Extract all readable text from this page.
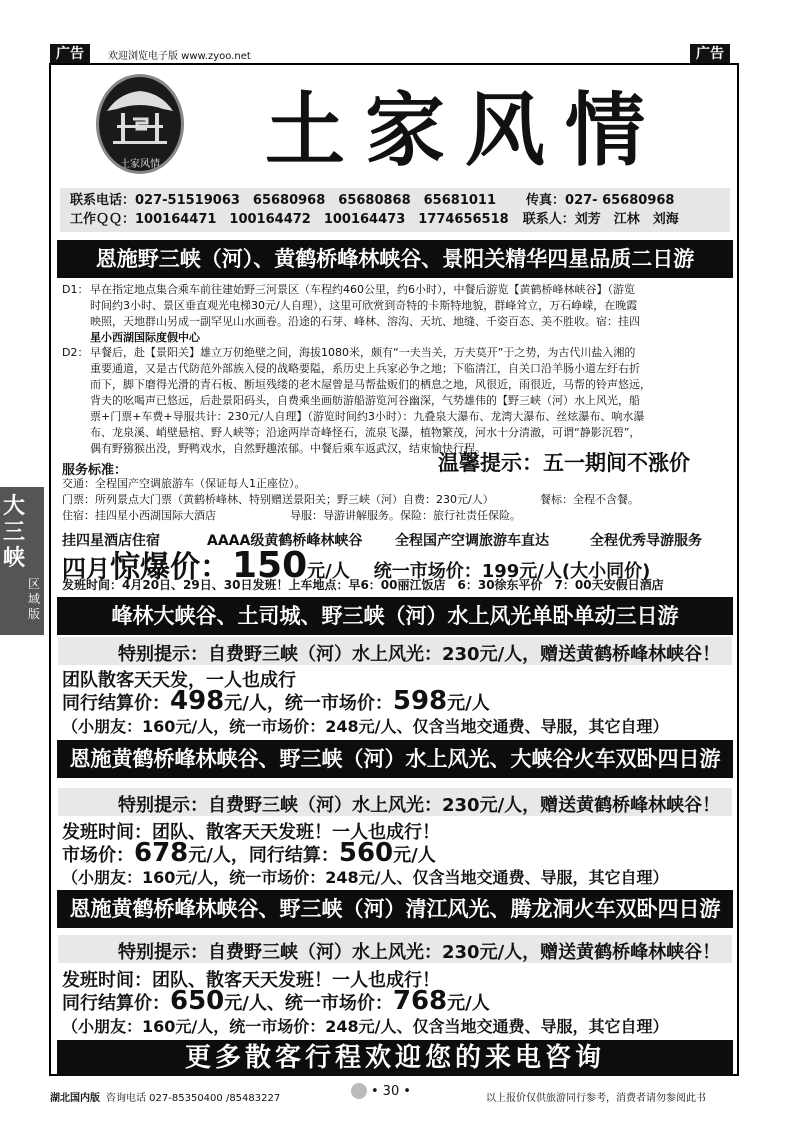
广告	欢迎浏览电子版 www.zyoo.net	广告
土家风情	土家风情
联系电话： 027-51519063　65680968　65680868　65681011 传真： 027- 65680968
工作ＱＱ： 100164471　100164472　100164473　1774656518 联系人： 刘芳　江林　刘海
恩施野三峡（河）、黄鹤桥峰林峡谷、景阳关精华四星品质二日游
D1： 早在指定地点集合乘车前往建始野三河景区（车程约460公里，约6小时），中餐后游览【黄鹤桥峰林峡谷】（游览
时间约3小时、景区垂直观光电梯30元/人自理），这里可欣赏到奇特的卡斯特地貌，群峰耸立，万石峥嵘，在晚霞
映照，天地群山另成一副罕见山水画卷。沿途的石芽、峰林、溶沟、天坑、地缝、千姿百态、美不胜收。宿：挂四
星小西湖国际度假中心
D2： 早餐后，赴【景阳关】雄立万仞绝壁之间，海拔1080米，颇有“一夫当关，万夫莫开”于之势，为古代川盐入湘的
重要通道，又是古代防范外部族入侵的战略要隘，系历史上兵家必争之地；下临清江，自关口沿羊肠小道左纡右折
而下，脚下磨得光滑的青石板、断垣残缕的老木屋曾是马帮盐贩们的栖息之地，风很近，雨很近，马帮的铃声悠远，
背夫的吆喝声已悠远，后赴景阳码头，自费乘坐画舫游船游览河谷幽深，气势雄伟的【野三峡（河）水上风光，船
票+门票+车费+导服共计：230元/人自理】（游览时间约3小时）：九叠泉大瀑布、龙湾大瀑布、丝炫瀑布、响水瀑
布、龙泉溪、峭壁悬棺、野人峡等；沿途两岸奇峰怪石，流泉飞瀑，植物繁茂，河水十分清澈，可谓“静影沉碧”，
偶有野猕猴出没，野鸭戏水，自然野趣浓郁。中餐后乘车返武汉，结束愉快行程。
服务标准：
交通：全程国产空调旅游车（保证每人1正座位）。
门票：所列景点大门票（黄鹤桥峰林、特别赠送景阳关；野三峡（河）自费：230元/人）	餐标：全程不含餐。
住宿：挂四星小西湖国际大酒店	导服：导游讲解服务。保险：旅行社责任保险。
温馨提示：五一期间不涨价
挂四星酒店住宿	AAAA级黄鹤桥峰林峡谷 全程国产空调旅游车直达	全程优秀导游服务
四月 惊爆价： 150 元/人 统一市场价：199元/人(大小同价)
发班时间：4月20日、29日、30日发班！上车地点：早6：00丽江饭店　6：30徐东平价　7：00天安假日酒店
大三峡
区域版	峰林大峡谷、土司城、野三峡（河）水上风光单卧单动三日游
特别提示：自费野三峡（河）水上风光：230元/人，赠送黄鹤桥峰林峡谷！
团队散客天天发，一人也成行
同行结算价： 498 元/人， 统一市场价： 598 元/人
（小朋友：160元/人，统一市场价：248元/人、仅含当地交通费、导服，其它自理）
恩施黄鹤桥峰林峡谷、野三峡（河）水上风光、大峡谷火车双卧四日游
特别提示：自费野三峡（河）水上风光：230元/人，赠送黄鹤桥峰林峡谷！
发班时间：团队、散客天天发班！一人也成行！
市场价： 678 元/人， 同行结算： 560 元/人
（小朋友：160元/人，统一市场价：248元/人、仅含当地交通费、导服，其它自理）
恩施黄鹤桥峰林峡谷、野三峡（河）清江风光、腾龙洞火车双卧四日游
特别提示：自费野三峡（河）水上风光：230元/人，赠送黄鹤桥峰林峡谷！
发班时间：团队、散客天天发班！一人也成行！
同行结算价： 650 元/人、 统一市场价： 768 元/人
（小朋友：160元/人，统一市场价：248元/人、仅含当地交通费、导服，其它自理）
更多散客行程欢迎您的来电咨询
湖北国内版 咨询电话 027-85350400 /85483227	• 30 •	以上报价仅供旅游同行参考，消费者请勿参阅此书
